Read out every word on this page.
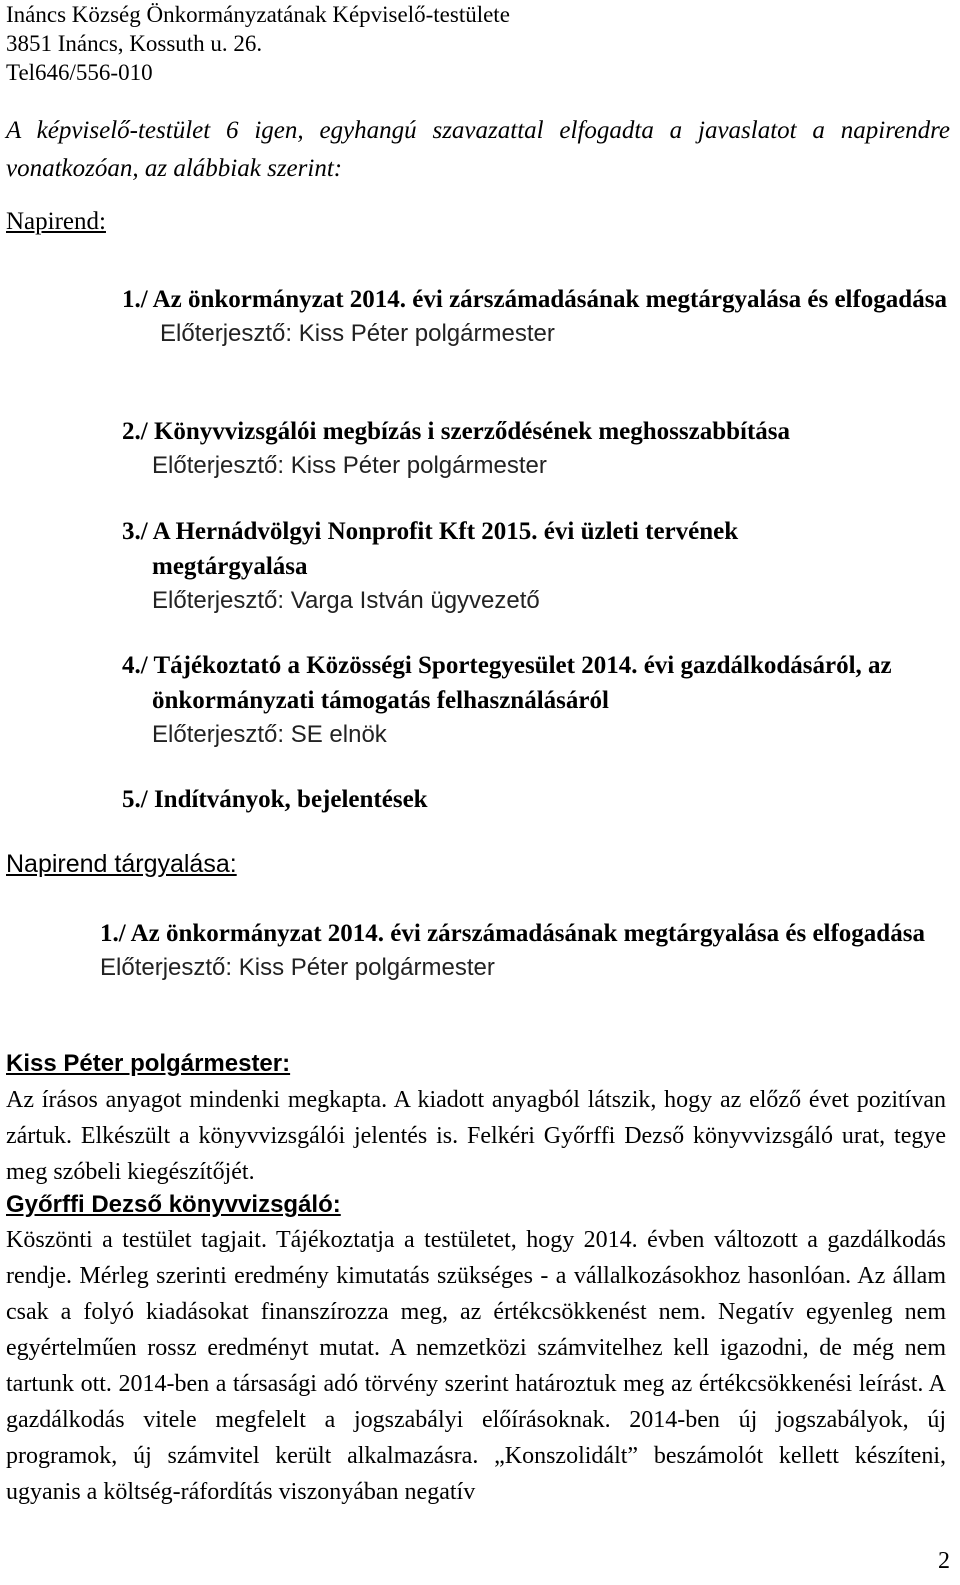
Ináncs Község Önkormányzatának Képviselő-testülete
3851 Ináncs, Kossuth u. 26.
Tel646/556-010
A képviselő-testület 6 igen, egyhangú szavazattal elfogadta a javaslatot a napirendre vonatkozóan, az alábbiak szerint:
Napirend:
1./ Az önkormányzat 2014. évi zárszámadásának megtárgyalása és elfogadása
Előterjesztő: Kiss Péter polgármester
2./ Könyvvizsgálói megbízás i szerződésének meghosszabbítása
Előterjesztő: Kiss Péter polgármester
3./ A Hernádvölgyi Nonprofit Kft 2015. évi üzleti tervének megtárgyalása
Előterjesztő: Varga István ügyvezető
4./ Tájékoztató a Közösségi Sportegyesület 2014. évi gazdálkodásáról, az önkormányzati támogatás felhasználásáról
Előterjesztő: SE elnök
5./ Indítványok, bejelentések
Napirend tárgyalása:
1./ Az önkormányzat 2014. évi zárszámadásának megtárgyalása és elfogadása
Előterjesztő: Kiss Péter polgármester
Kiss Péter polgármester:
Az írásos anyagot mindenki megkapta. A kiadott anyagból látszik, hogy az előző évet pozitívan zártuk. Elkészült a könyvvizsgálói jelentés is. Felkéri Győrffi Dezső könyvvizsgáló urat, tegye meg szóbeli kiegészítőjét.
Győrffi Dezső könyvvizsgáló:
Köszönti a testület tagjait. Tájékoztatja a testületet, hogy 2014. évben változott a gazdálkodás rendje. Mérleg szerinti eredmény kimutatás szükséges - a vállalkozásokhoz hasonlóan. Az állam csak a folyó kiadásokat finanszírozza meg, az értékcsökkenést nem. Negatív egyenleg nem egyértelműen rossz eredményt mutat. A nemzetközi számvitelhez kell igazodni, de még nem tartunk ott. 2014-ben a társasági adó törvény szerint határoztuk meg az értékcsökkenési leírást. A gazdálkodás vitele megfelelt a jogszabályi előírásoknak. 2014-ben új jogszabályok, új programok, új számvitel került alkalmazásra. „Konszolidált” beszámolót kellett készíteni, ugyanis a költség-ráfordítás viszonyában negatív
2
